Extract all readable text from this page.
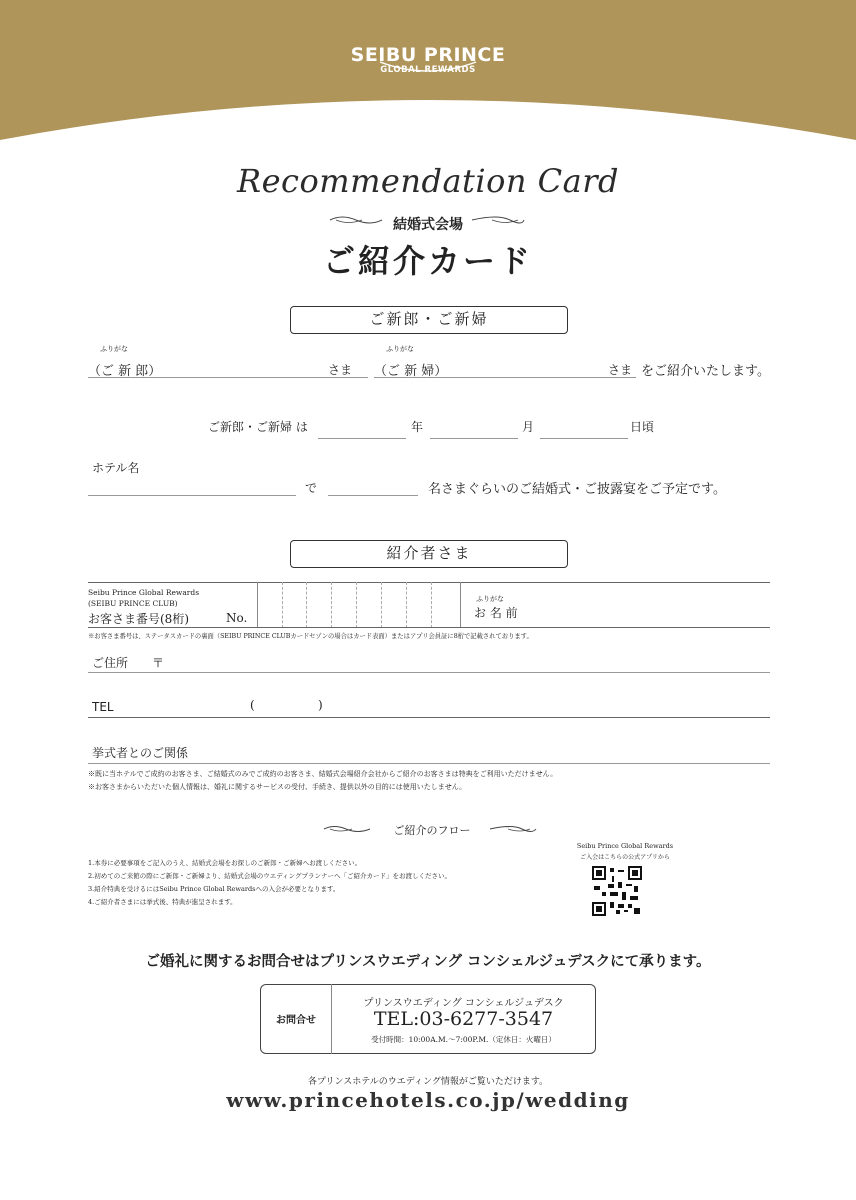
SEIBU PRINCE
GLOBAL REWARDS
Recommendation Card
結婚式会場
ご紹介カード
ご新郎・ご新婦
ふりがな
（ご 新 郎）	さま
ふりがな
（ご 新 婦）	さま をご紹介いたします。
ご新郎・ご新婦 は	年	月	日頃
ホテル名
で	名さまぐらいのご結婚式・ご披露宴をご予定です。
紹介者さま
Seibu Prince Global Rewards
(SEIBU PRINCE CLUB)
お客さま番号(8桁)	No.
ふりがな
お 名 前
※お客さま番号は、ステータスカードの裏面（SEIBU PRINCE CLUBカードセゾンの場合はカード表面）またはアプリ会員証に8桁で記載されております。
ご住所 〒
TEL	(	)
挙式者とのご関係
※既に当ホテルでご成約のお客さま、ご結婚式のみでご成約のお客さま、結婚式会場紹介会社からご紹介のお客さまは特典をご利用いただけません。
※お客さまからいただいた個人情報は、婚礼に関するサービスの受付、手続き、提供以外の目的には使用いたしません。
ご紹介のフロー
1.本券に必要事項をご記入のうえ、結婚式会場をお探しのご新郎・ご新婦へお渡しください。
2.初めてのご来館の際にご新郎・ご新婦より、結婚式会場のウエディングプランナーへ「ご紹介カード」をお渡しください。
3.紹介特典を受けるにはSeibu Prince Global Rewardsへの入会が必要となります。
4.ご紹介者さまには挙式後、特典が進呈されます。
Seibu Prince Global Rewards
ご入会はこちらの公式アプリから
ご婚礼に関するお問合せはプリンスウエディング コンシェルジュデスクにて承ります。
お問合せ
プリンスウエディング コンシェルジュデスク
TEL:03-6277-3547
受付時間：10:00A.M.〜7:00P.M.（定休日：火曜日）
各プリンスホテルのウエディング情報がご覧いただけます。
www.princehotels.co.jp/wedding
